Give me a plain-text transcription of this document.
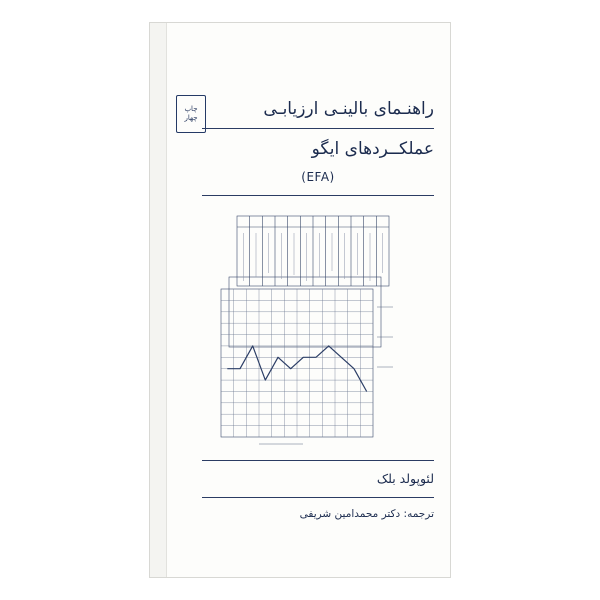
چاپ چهار	راهنـمای بالینـی ارزیابـی
عملکــردهای ایگو
(EFA)
لئوپولد بلک
ترجمه: دکتر محمدامین شریفی
